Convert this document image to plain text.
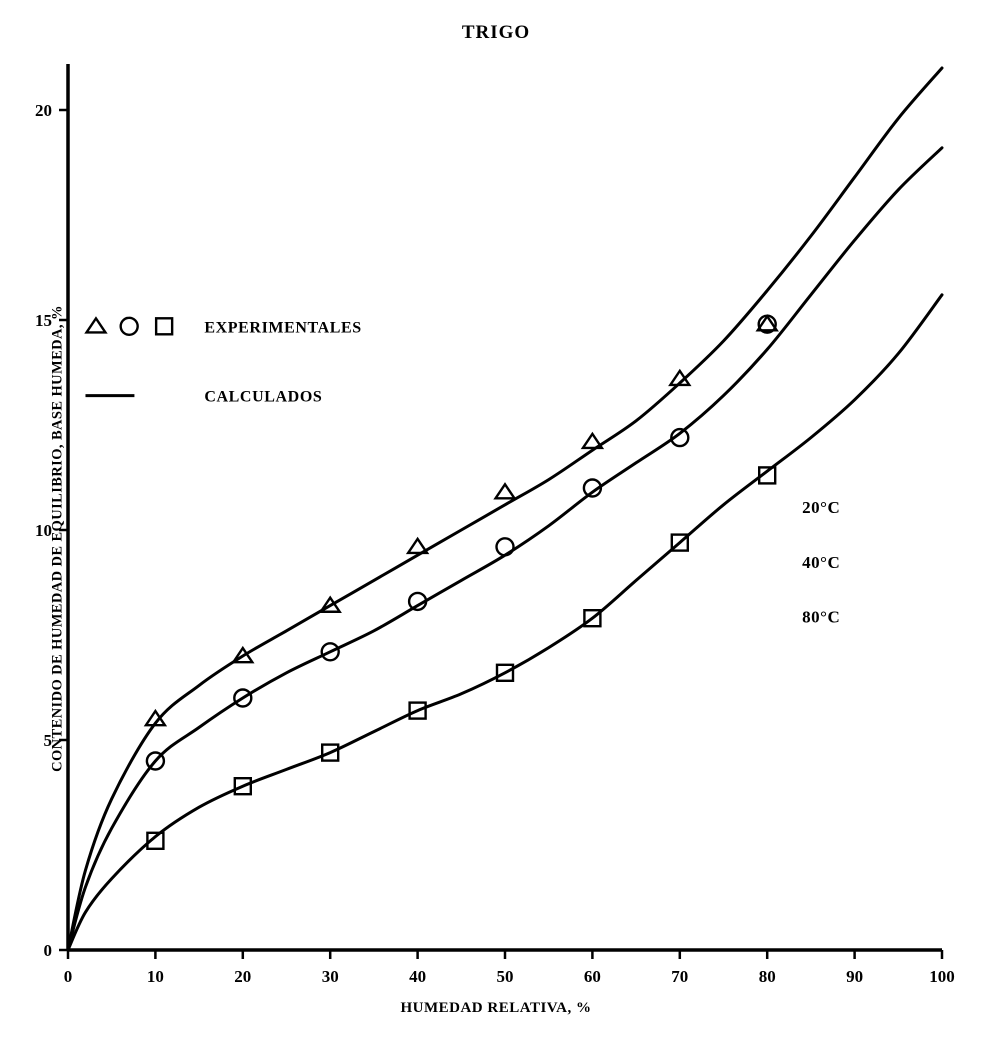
TRIGO
HUMEDAD RELATIVA, %
CONTENIDO DE HUMEDAD DE EQUILIBRIO, BASE HUMEDA, %
0	10	20	30	40	50	60	70	80	90	100
0
5
10
15
20
EXPERIMENTALES
CALCULADOS
20°C
40°C
80°C
